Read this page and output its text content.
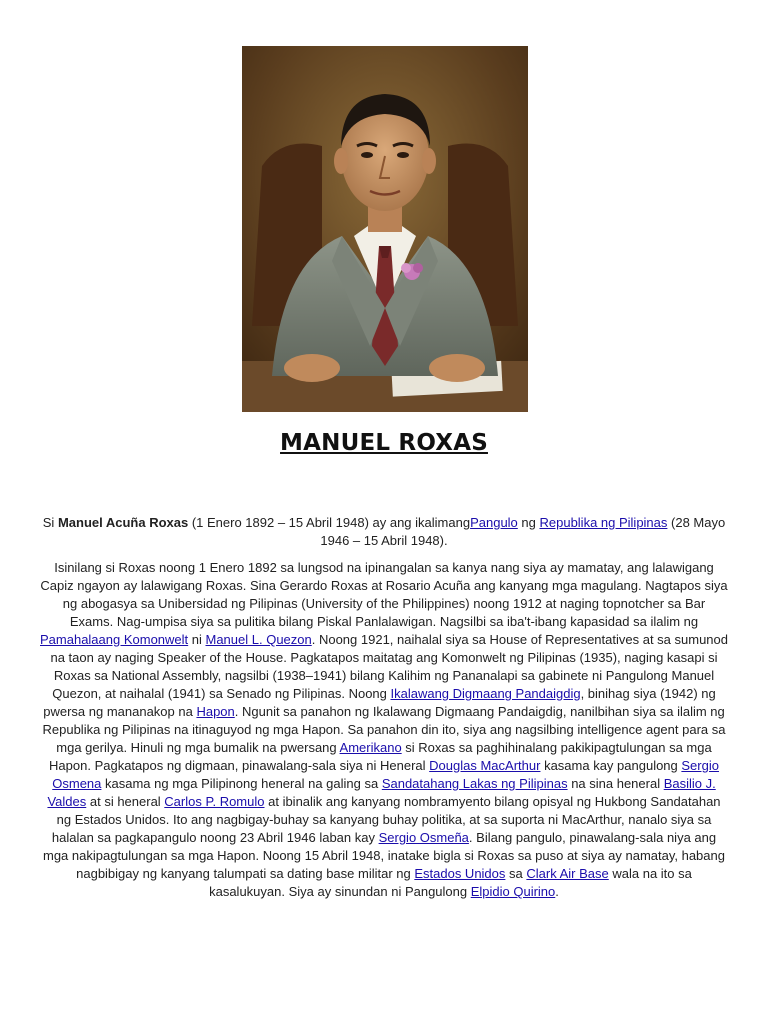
MANUEL ROXAS

Si Manuel Acuña Roxas (1 Enero 1892 – 15 Abril 1948) ay ang ikalimangPangulo ng Republika ng Pilipinas (28 Mayo 1946 – 15 Abril 1948).

Isinilang si Roxas noong 1 Enero 1892 sa lungsod na ipinangalan sa kanya nang siya ay mamatay, ang lalawigang Capiz ngayon ay lalawigang Roxas. Sina Gerardo Roxas at Rosario Acuña ang kanyang mga magulang. Nagtapos siya ng abogasya sa Unibersidad ng Pilipinas (University of the Philippines) noong 1912 at naging topnotcher sa Bar Exams. Nag-umpisa siya sa pulitika bilang Piskal Panlalawigan. Nagsilbi sa iba't-ibang kapasidad sa ilalim ng Pamahalaang Komonwelt ni Manuel L. Quezon. Noong 1921, naihalal siya sa House of Representatives at sa sumunod na taon ay naging Speaker of the House. Pagkatapos maitatag ang Komonwelt ng Pilipinas (1935), naging kasapi si Roxas sa National Assembly, nagsilbi (1938–1941) bilang Kalihim ng Pananalapi sa gabinete ni Pangulong Manuel Quezon, at naihalal (1941) sa Senado ng Pilipinas. Noong Ikalawang Digmaang Pandaigdig, binihag siya (1942) ng pwersa ng mananakop na Hapon. Ngunit sa panahon ng Ikalawang Digmaang Pandaigdig, nanilbihan siya sa ilalim ng Republika ng Pilipinas na itinaguyod ng mga Hapon. Sa panahon din ito, siya ang nagsilbing intelligence agent para sa mga gerilya. Hinuli ng mga bumalik na pwersang Amerikano si Roxas sa paghihinalang pakikipagtulungan sa mga Hapon. Pagkatapos ng digmaan, pinawalang-sala siya ni Heneral Douglas MacArthur kasama kay pangulong Sergio Osmena kasama ng mga Pilipinong heneral na galing sa Sandatahang Lakas ng Pilipinas na sina heneral Basilio J. Valdes at si heneral Carlos P. Romulo at ibinalik ang kanyang nombramyento bilang opisyal ng Hukbong Sandatahan ng Estados Unidos. Ito ang nagbigay-buhay sa kanyang buhay politika, at sa suporta ni MacArthur, nanalo siya sa halalan sa pagkapangulo noong 23 Abril 1946 laban kay Sergio Osmeña. Bilang pangulo, pinawalang-sala niya ang mga nakipagtulungan sa mga Hapon. Noong 15 Abril 1948, inatake bigla si Roxas sa puso at siya ay namatay, habang nagbibigay ng kanyang talumpati sa dating base militar ng Estados Unidos sa Clark Air Base wala na ito sa kasalukuyan. Siya ay sinundan ni Pangulong Elpidio Quirino.
